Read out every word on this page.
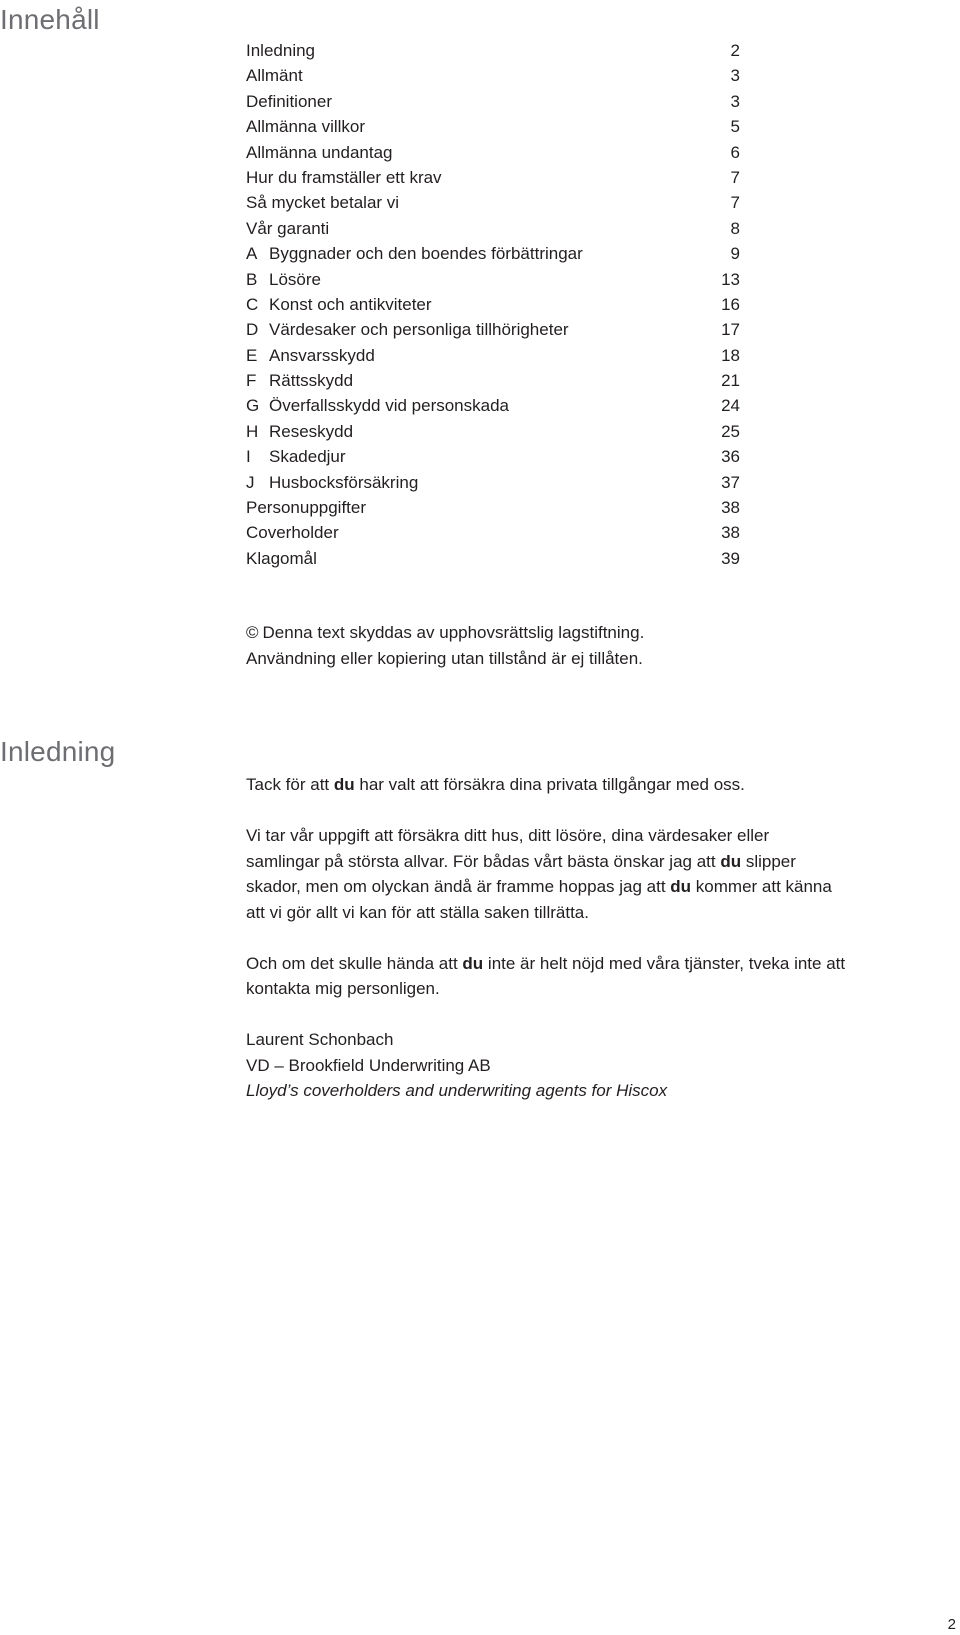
Innehåll
Inledning	2
Allmänt	3
Definitioner	3
Allmänna villkor	5
Allmänna undantag	6
Hur du framställer ett krav	7
Så mycket betalar vi	7
Vår garanti	8
A Byggnader och den boendes förbättringar	9
B Lösöre	13
C Konst och antikviteter	16
D Värdesaker och personliga tillhörigheter	17
E Ansvarsskydd	18
F Rättsskydd	21
G Överfallsskydd vid personskada	24
H Reseskydd	25
I	Skadedjur	36
J Husbocksförsäkring	37
Personuppgifter	38
Coverholder	38
Klagomål	39

© Denna text skyddas av upphovsrättslig lagstiftning.

Användning eller kopiering utan tillstånd är ej tillåten.

Inledning

Tack för att du har valt att försäkra dina privata tillgångar med oss.

Vi tar vår uppgift att försäkra ditt hus, ditt lösöre, dina värdesaker eller samlingar på största allvar. För bådas vårt bästa önskar jag att du slipper skador, men om olyckan ändå är framme hoppas jag att du kommer att känna att vi gör allt vi kan för att ställa saken tillrätta.

Och om det skulle hända att du inte är helt nöjd med våra tjänster, tveka inte att kontakta mig personligen.

Laurent Schonbach

VD – Brookfield Underwriting AB

Lloyd’s coverholders and underwriting agents for Hiscox

2
